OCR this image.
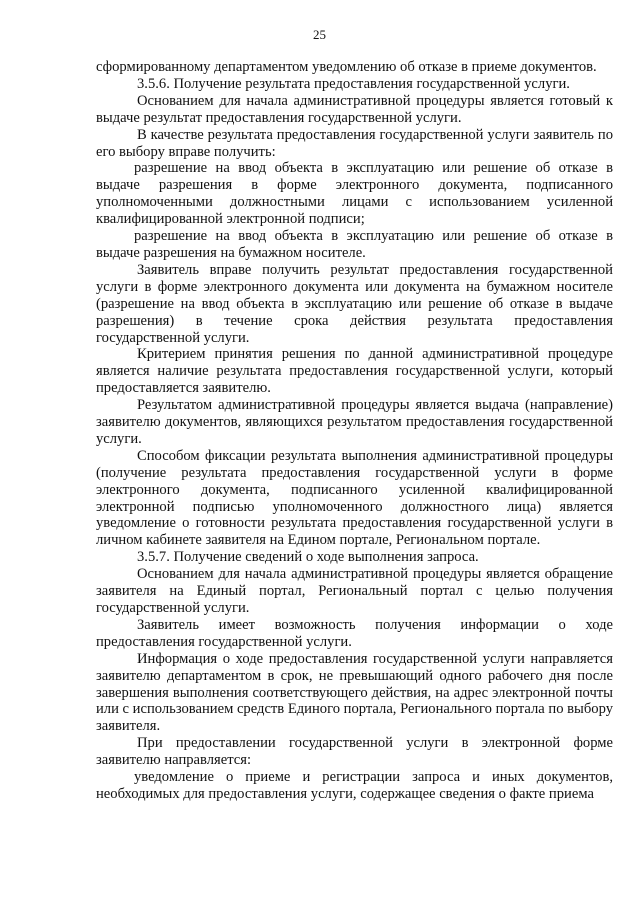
25

сформированному департаментом уведомлению об отказе в приеме документов.

3.5.6. Получение результата предоставления государственной услуги.

Основанием для начала административной процедуры является готовый к выдаче результат предоставления государственной услуги.

В качестве результата предоставления государственной услуги заявитель по его выбору вправе получить:

разрешение на ввод объекта в эксплуатацию или решение об отказе в выдаче разрешения в форме электронного документа, подписанного уполномоченными должностными лицами с использованием усиленной квалифицированной электронной подписи;

разрешение на ввод объекта в эксплуатацию или решение об отказе в выдаче разрешения на бумажном носителе.

Заявитель вправе получить результат предоставления государственной услуги в форме электронного документа или документа на бумажном носителе (разрешение на ввод объекта в эксплуатацию или решение об отказе в выдаче разрешения) в течение срока действия результата предоставления государственной услуги.

Критерием принятия решения по данной административной процедуре является наличие результата предоставления государственной услуги, который предоставляется заявителю.

Результатом административной процедуры является выдача (направление) заявителю документов, являющихся результатом предоставления государственной услуги.

Способом фиксации результата выполнения административной процедуры (получение результата предоставления государственной услуги в форме электронного документа, подписанного усиленной квалифицированной электронной подписью уполномоченного должностного лица) является уведомление о готовности результата предоставления государственной услуги в личном кабинете заявителя на Едином портале, Региональном портале.

3.5.7. Получение сведений о ходе выполнения запроса.

Основанием для начала административной процедуры является обращение заявителя на Единый портал, Региональный портал с целью получения государственной услуги.

Заявитель имеет возможность получения информации о ходе предоставления государственной услуги.

Информация о ходе предоставления государственной услуги направляется заявителю департаментом в срок, не превышающий одного рабочего дня после завершения выполнения соответствующего действия, на адрес электронной почты или с использованием средств Единого портала, Регионального портала по выбору заявителя.

При предоставлении государственной услуги в электронной форме заявителю направляется:

уведомление о приеме и регистрации запроса и иных документов, необходимых для предоставления услуги, содержащее сведения о факте приема
